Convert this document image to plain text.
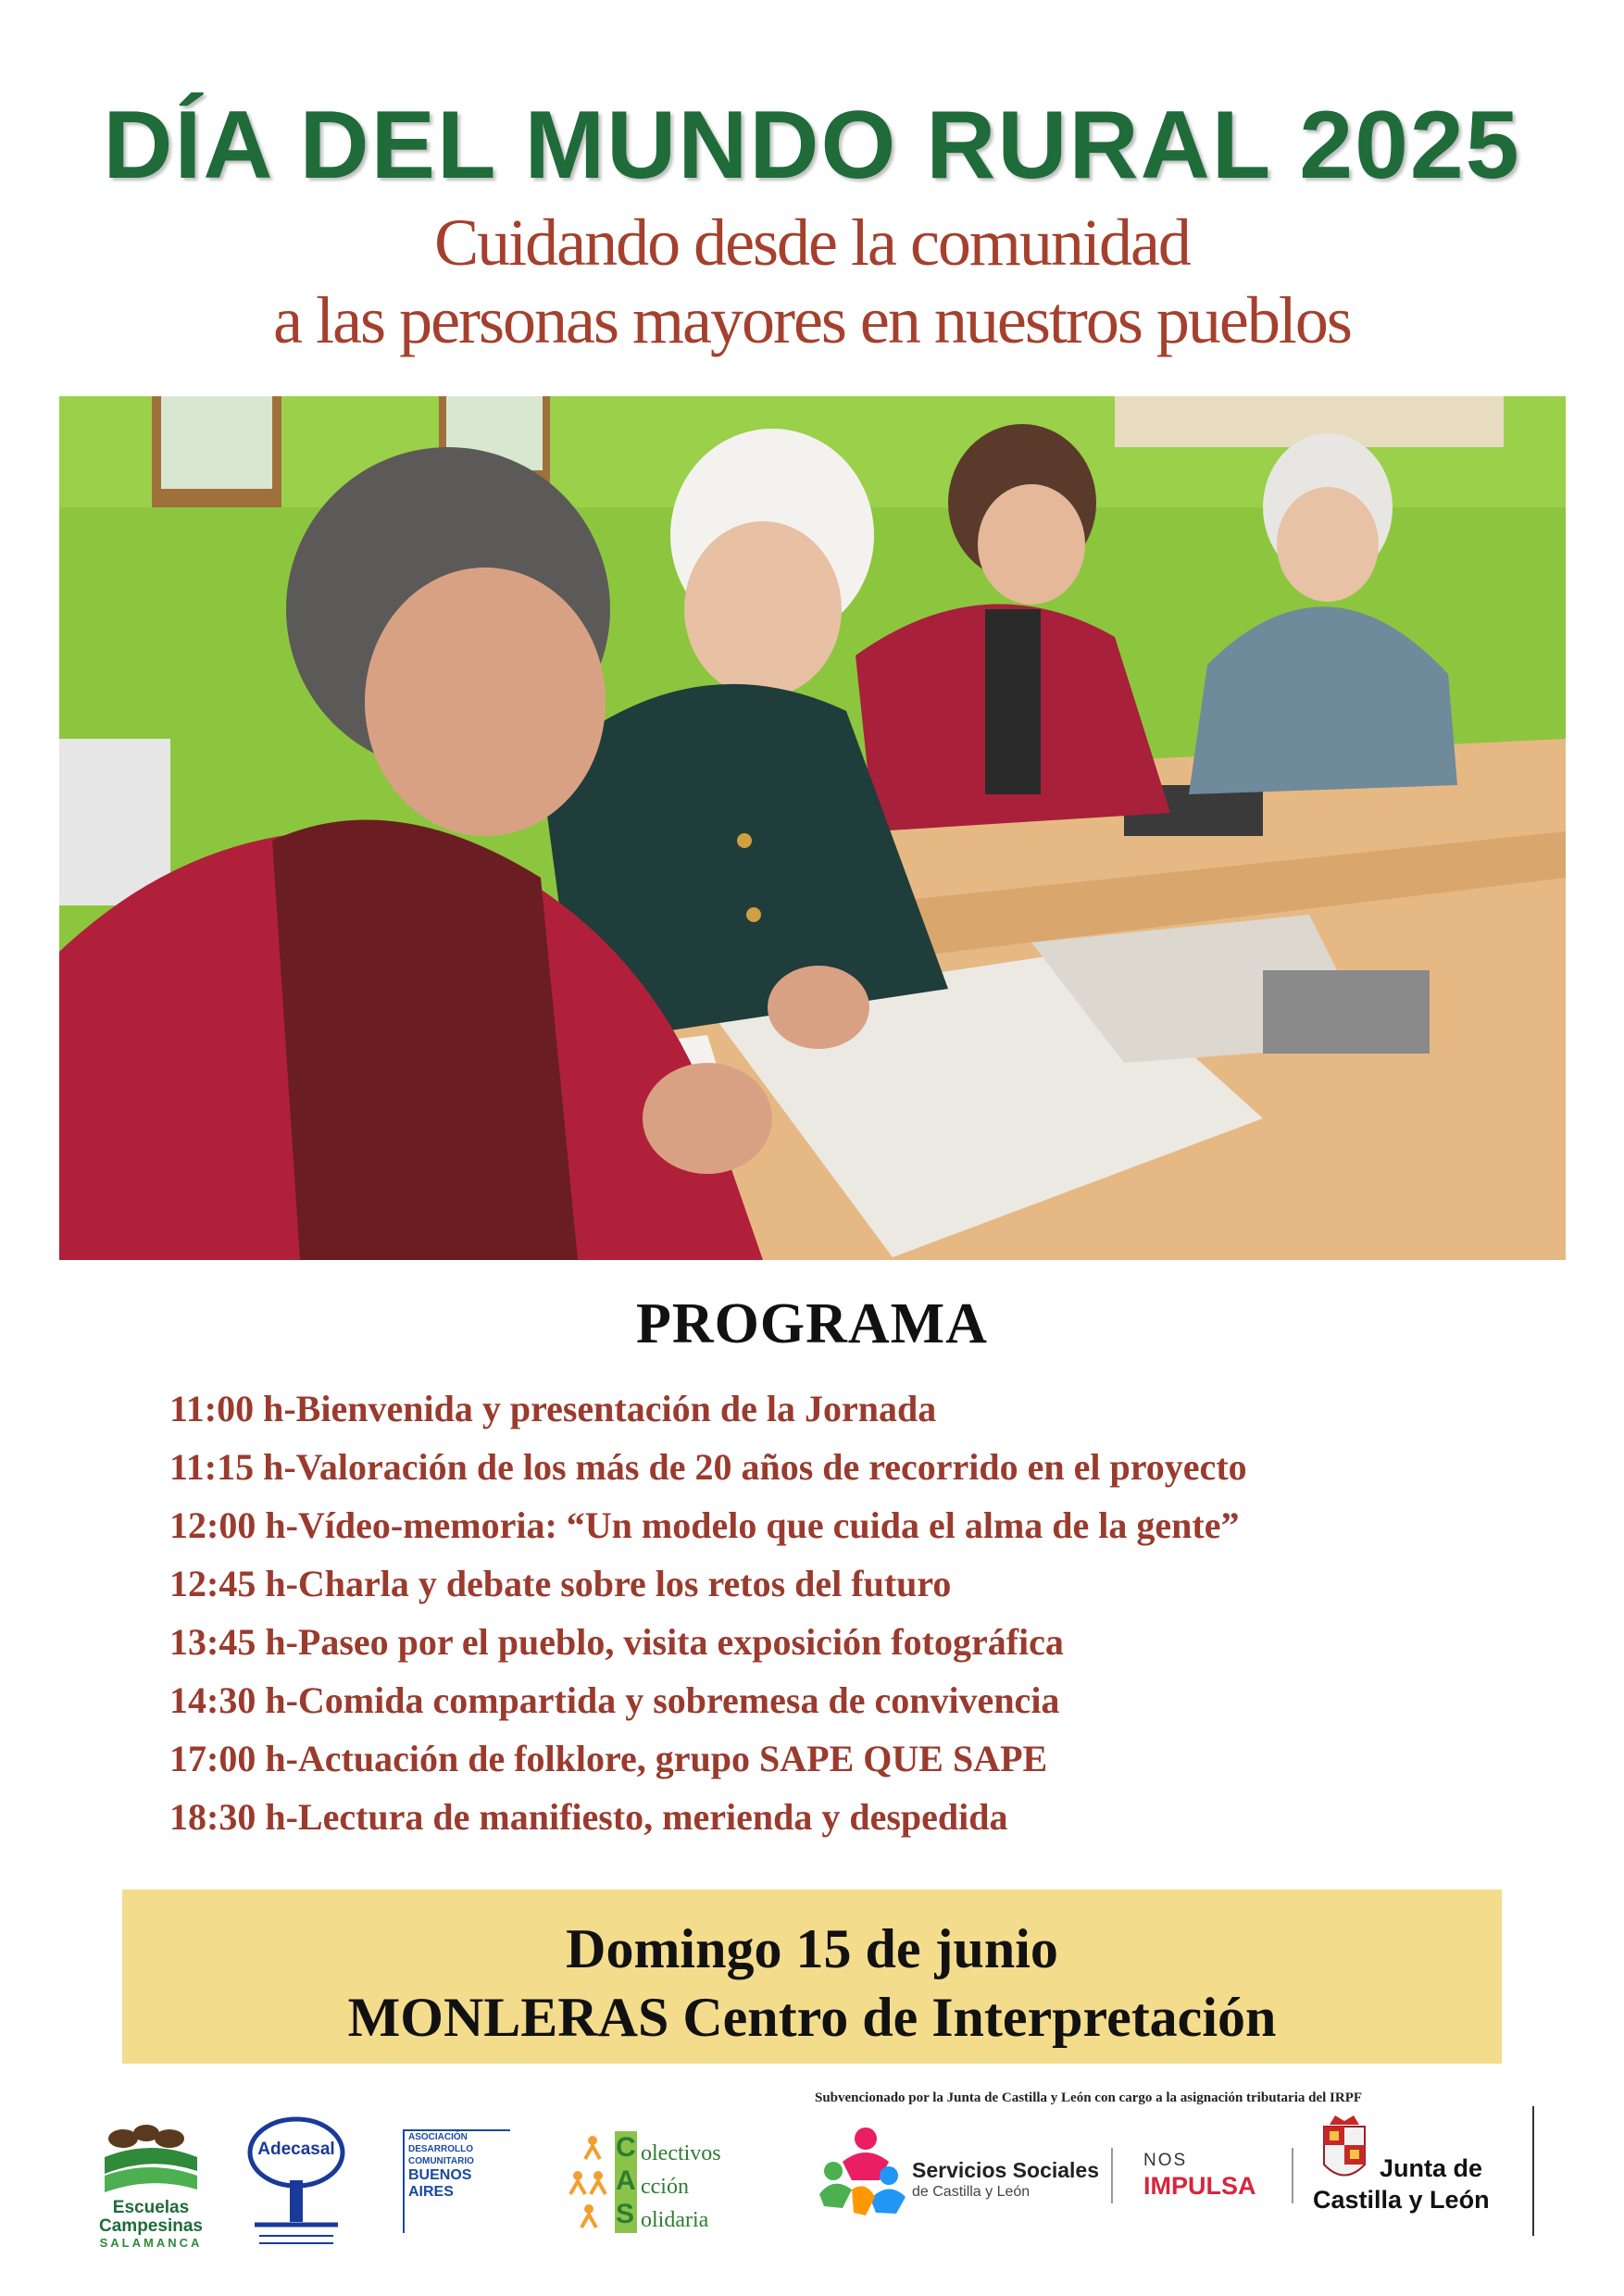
DÍA DEL MUNDO RURAL 2025
Cuidando desde la comunidad
a las personas mayores en nuestros pueblos
PROGRAMA
11:00 h-Bienvenida y presentación de la Jornada
11:15 h-Valoración de los más de 20 años de recorrido en el proyecto
12:00 h-Vídeo-memoria: “Un modelo que cuida el alma de la gente”
12:45 h-Charla y debate sobre los retos del futuro
13:45 h-Paseo por el pueblo, visita exposición fotográfica
14:30 h-Comida compartida y sobremesa de convivencia
17:00 h-Actuación de folklore, grupo SAPE QUE SAPE
18:30 h-Lectura de manifiesto, merienda y despedida
Domingo 15 de junio
MONLERAS Centro de Interpretación
Subvencionado por la Junta de Castilla y León con cargo a la asignación tributaria del IRPF
Escuelas
Campesinas
SALAMANCA
Adecasal
ASOCIACIÓN
DESARROLLO
COMUNITARIO
BUENOS
AIRES
C
A
S
olectivos
cción
olidaria
Servicios Sociales
de Castilla y León
NOS
IMPULSA
Junta de
Castilla y León
